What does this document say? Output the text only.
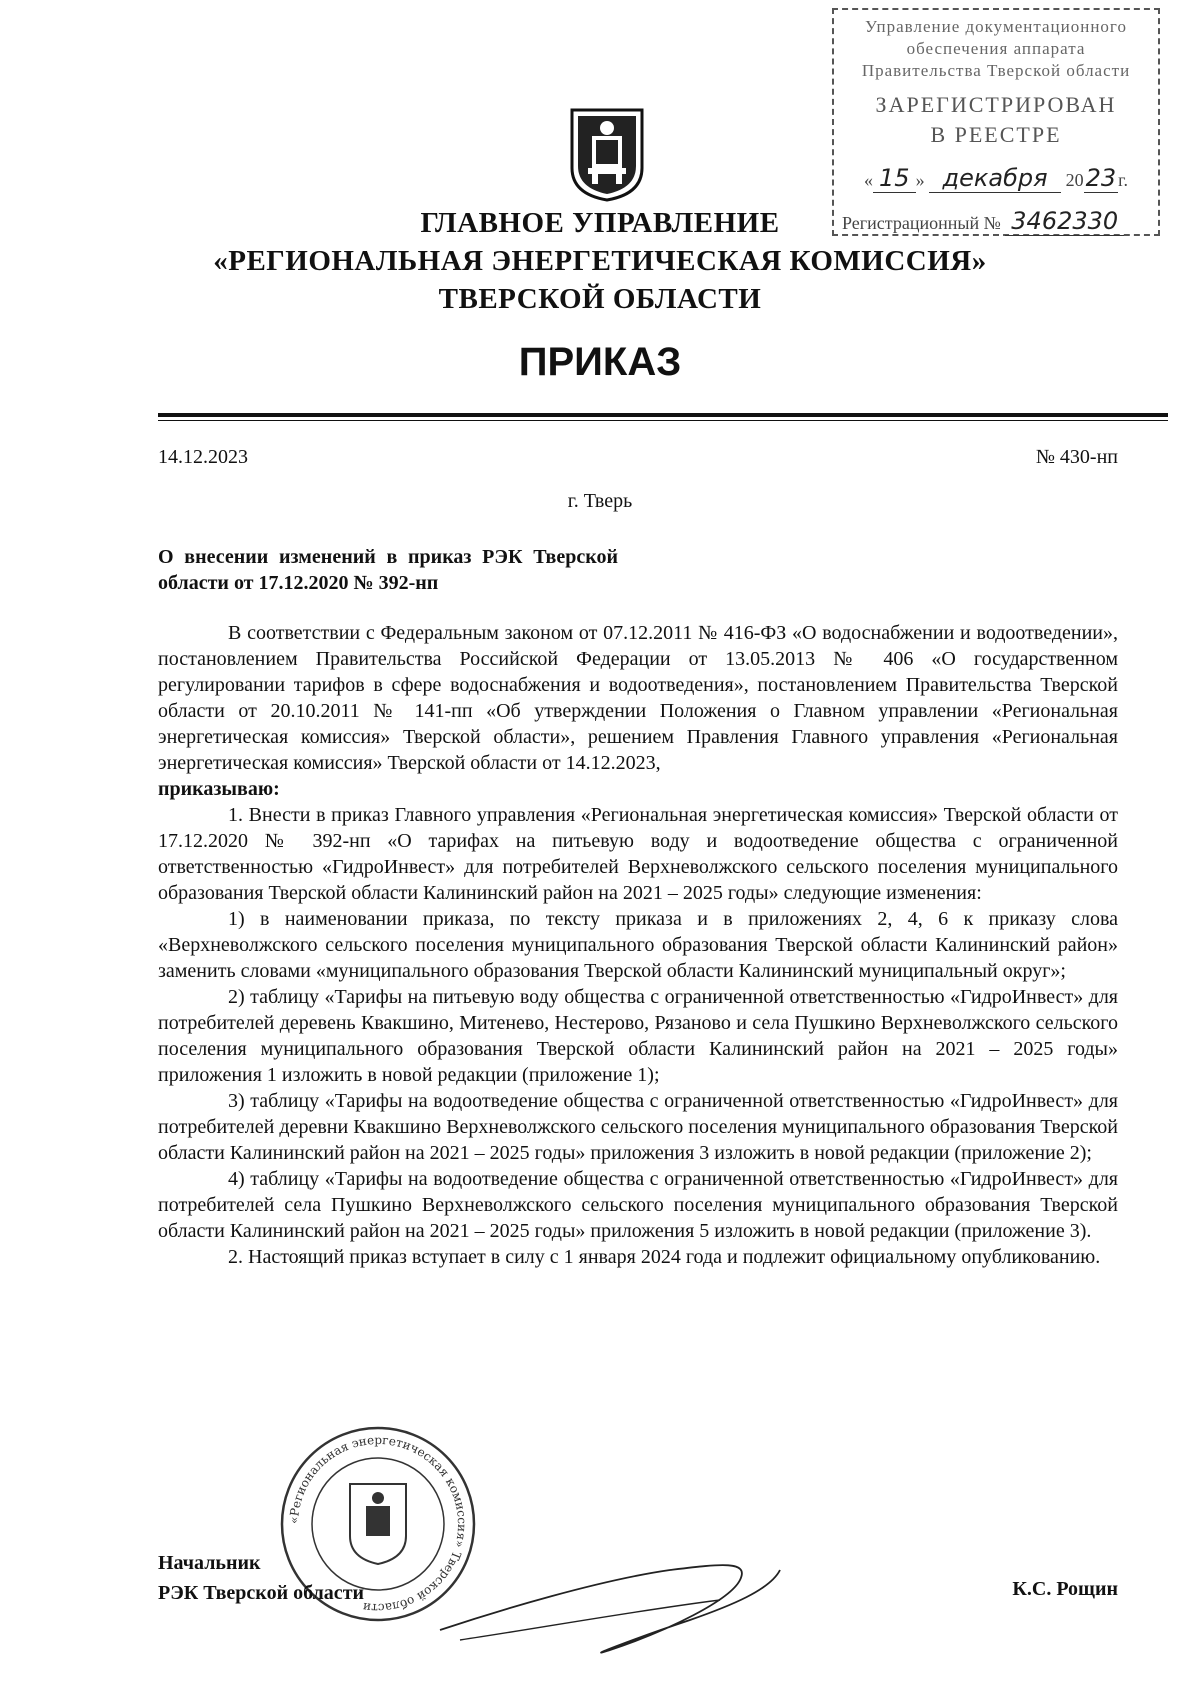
Управление документационного
обеспечения аппарата
Правительства Тверской области
ЗАРЕГИСТРИРОВАН
В РЕЕСТРЕ
« 15 » декабря 2023 г.
Регистрационный № 3462330
ГЛАВНОЕ УПРАВЛЕНИЕ
«РЕГИОНАЛЬНАЯ ЭНЕРГЕТИЧЕСКАЯ КОМИССИЯ»
ТВЕРСКОЙ ОБЛАСТИ
ПРИКАЗ
14.12.2023	№ 430-нп
г. Тверь
О внесении изменений в приказ РЭК Тверской области от 17.12.2020 № 392-нп

В соответствии с Федеральным законом от 07.12.2011 № 416-ФЗ «О водоснабжении и водоотведении», постановлением Правительства Российской Федерации от 13.05.2013 № 406 «О государственном регулировании тарифов в сфере водоснабжения и водоотведения», постановлением Правительства Тверской области от 20.10.2011 № 141-пп «Об утверждении Положения о Главном управлении «Региональная энергетическая комиссия» Тверской области», решением Правления Главного управления «Региональная энергетическая комиссия» Тверской области от 14.12.2023,

приказываю:

1. Внести в приказ Главного управления «Региональная энергетическая комиссия» Тверской области от 17.12.2020 № 392-нп «О тарифах на питьевую воду и водоотведение общества с ограниченной ответственностью «ГидроИнвест» для потребителей Верхневолжского сельского поселения муниципального образования Тверской области Калининский район на 2021 – 2025 годы» следующие изменения:

1) в наименовании приказа, по тексту приказа и в приложениях 2, 4, 6 к приказу слова «Верхневолжского сельского поселения муниципального образования Тверской области Калининский район» заменить словами «муниципального образования Тверской области Калининский муниципальный округ»;

2) таблицу «Тарифы на питьевую воду общества с ограниченной ответственностью «ГидроИнвест» для потребителей деревень Квакшино, Митенево, Нестерово, Рязаново и села Пушкино Верхневолжского сельского поселения муниципального образования Тверской области Калининский район на 2021 – 2025 годы» приложения 1 изложить в новой редакции (приложение 1);

3) таблицу «Тарифы на водоотведение общества с ограниченной ответственностью «ГидроИнвест» для потребителей деревни Квакшино Верхневолжского сельского поселения муниципального образования Тверской области Калининский район на 2021 – 2025 годы» приложения 3 изложить в новой редакции (приложение 2);

4) таблицу «Тарифы на водоотведение общества с ограниченной ответственностью «ГидроИнвест» для потребителей села Пушкино Верхневолжского сельского поселения муниципального образования Тверской области Калининский район на 2021 – 2025 годы» приложения 5 изложить в новой редакции (приложение 3).

2. Настоящий приказ вступает в силу с 1 января 2024 года и подлежит официальному опубликованию.

«Региональная энергетическая комиссия» Тверской области
Начальник
РЭК Тверской области	К.С. Рощин
